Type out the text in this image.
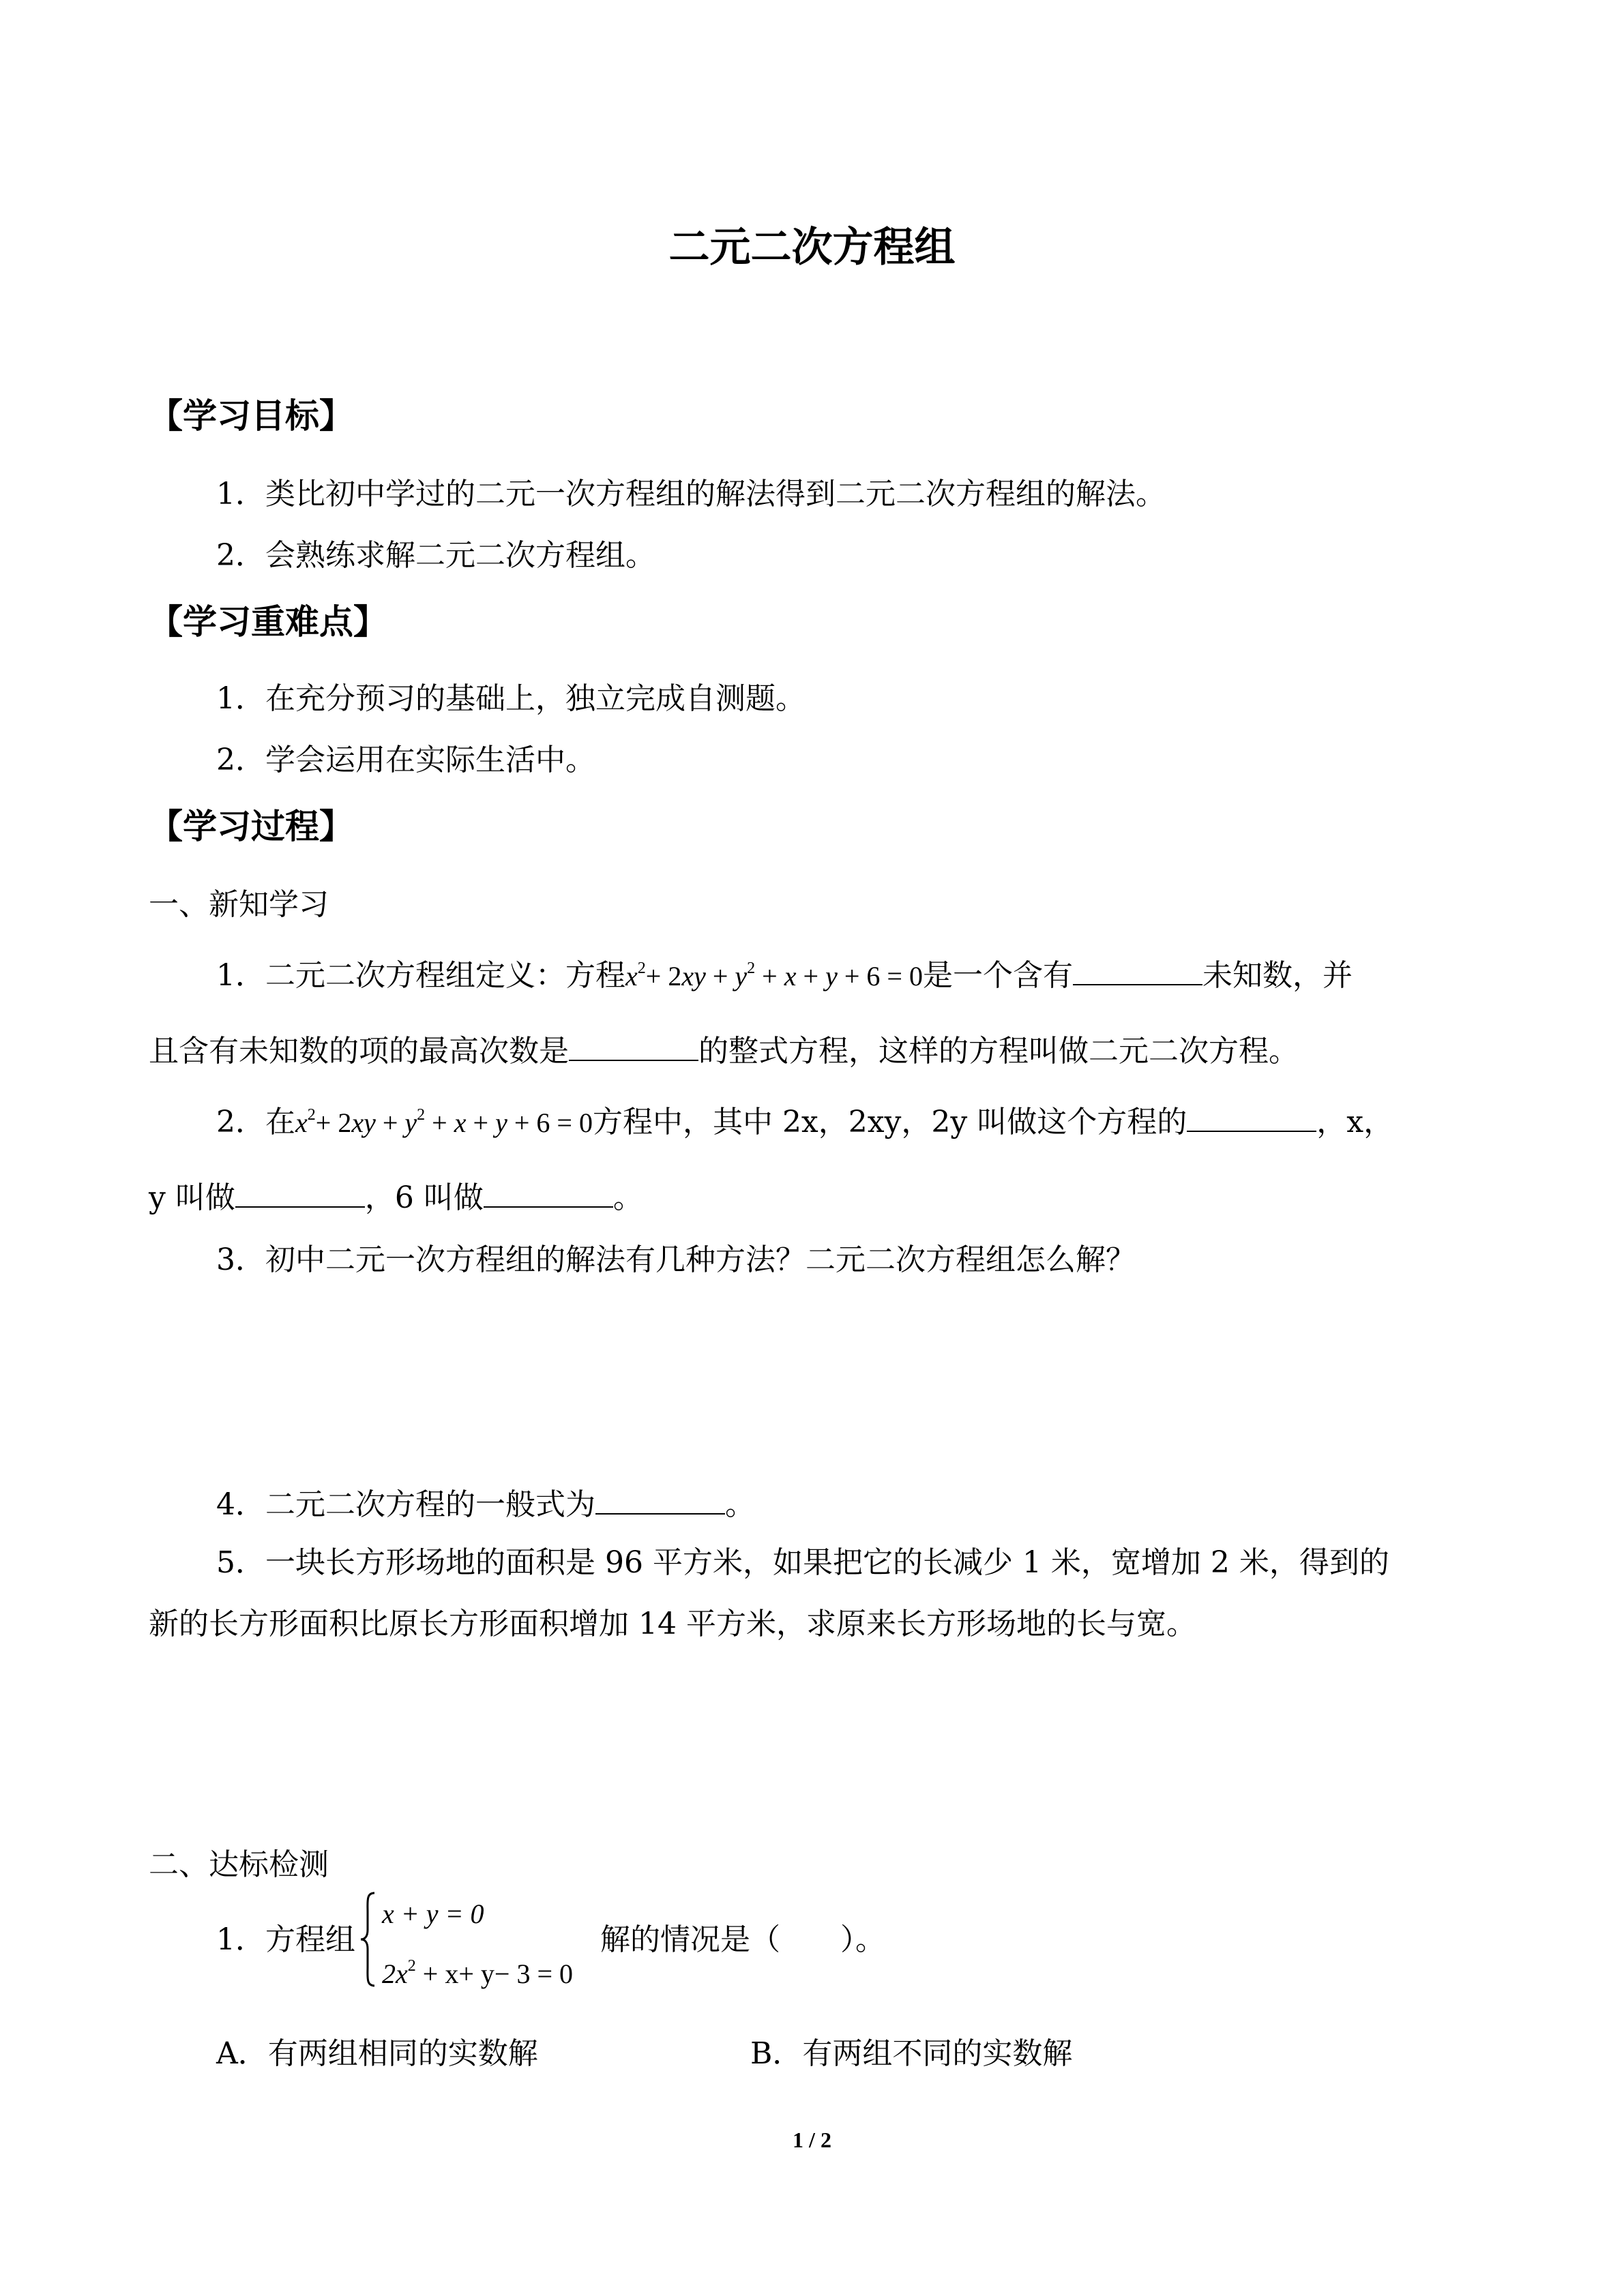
二元二次方程组
【学习目标】
1．类比初中学过的二元一次方程组的解法得到二元二次方程组的解法。
2．会熟练求解二元二次方程组。
【学习重难点】
1．在充分预习的基础上，独立完成自测题。
2．学会运用在实际生活中。
【学习过程】
一、新知学习
1．二元二次方程组定义：方程$x^2+ 2xy + y^2 + x + y + 6 = 0$是一个含有	未知数，并
且含有未知数的项的最高次数是	的整式方程，这样的方程叫做二元二次方程。
2．在$x^2+ 2xy + y^2 + x + y + 6 = 0$方程中，其中 2x，2xy，2y 叫做这个方程的	，x，
y 叫做	，6 叫做	。
3．初中二元一次方程组的解法有几种方法？二元二次方程组怎么解？
4．二元二次方程的一般式为	。
5．一块长方形场地的面积是 96 平方米，如果把它的长减少 1 米，宽增加 2 米，得到的
新的长方形面积比原长方形面积增加 14 平方米，求原来长方形场地的长与宽。
二、达标检测
1．方程组
x + y = 0
$2x^2 + x+ y- 3 = 0$
解的情况是（　　）。
A．有两组相同的实数解	B．有两组不同的实数解
1 / 2
